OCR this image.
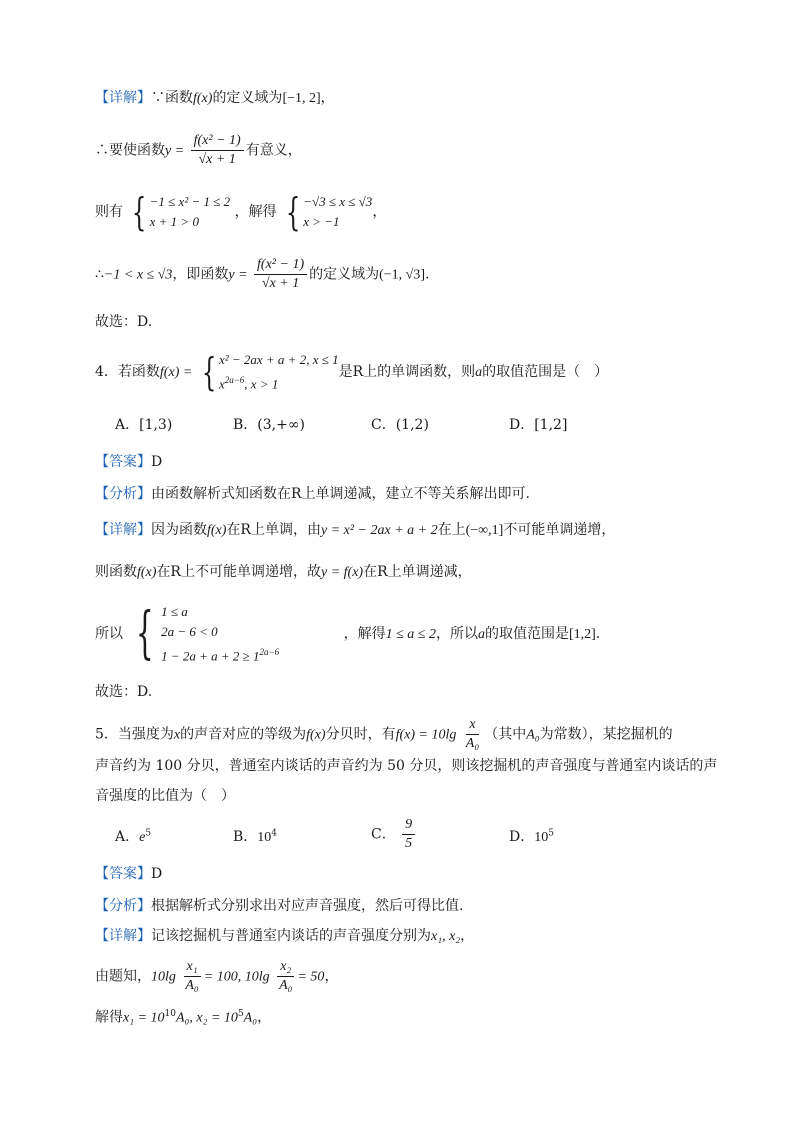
【详解】∵函数f(x)的定义域为[−1, 2]，
∴要使函数$y = \frac{\text{f(x² − 1)}}{√x + 1}$ 有意义，
则有 { −1 ≤ x² − 1 ≤ 2
x + 1 > 0
，解得 { −√3 ≤ x ≤ √3
x > −1
，
∴−1 < x ≤ √3，即函数$y = \frac{\text{f(x² − 1)}}{√x + 1}$ 的定义域为(−1, √3].
故选：D.
4．若函数f(x) = { x² − 2ax + a + 2, x ≤ 1
$x^{2a-6}$, x > 1
是R上的单调函数，则a的取值范围是（　）
A．[1,3)	B．(3,+∞)	C．(1,2)	D．[1,2]
【答案】D
【分析】由函数解析式知函数在R上单调递减，建立不等关系解出即可.
【详解】因为函数f(x)在R上单调，由y = x² − 2ax + a + 2在上(−∞,1]不可能单调递增，
则函数f(x)在R上不可能单调递增，故y = f(x)在R上单调递减，
所以 { 1 ≤ a
2a − 6 < 0
$1 - 2a + a + 2 \ge 1^{2a-6}$
，解得1 ≤ a ≤ 2，所以a的取值范围是[1,2].
故选：D.
5．当强度为x的声音对应的等级为f(x)分贝时，有$f(x) = 10\lg \frac{x}{\text{A₀}}$ （其中A₀为常数），某挖掘机的
声音约为 100 分贝，普通室内谈话的声音约为 50 分贝，则该挖掘机的声音强度与普通室内谈话的声
音强度的比值为（　）
A．$e^5$	B．$10^4$	C． $\frac{9}{5}$	D．$10^5$
【答案】D
【分析】根据解析式分别求出对应声音强度，然后可得比值.
【详解】记该挖掘机与普通室内谈话的声音强度分别为x₁, x₂，
由题知，$10\lg \frac{\text{x₁}}{\text{A₀}} = 100$, $10\lg \frac{\text{x₂}}{\text{A₀}} = 50$，
解得$x_1 = 10^{10}A_0$, $x_2 = 10^5A_0$，
